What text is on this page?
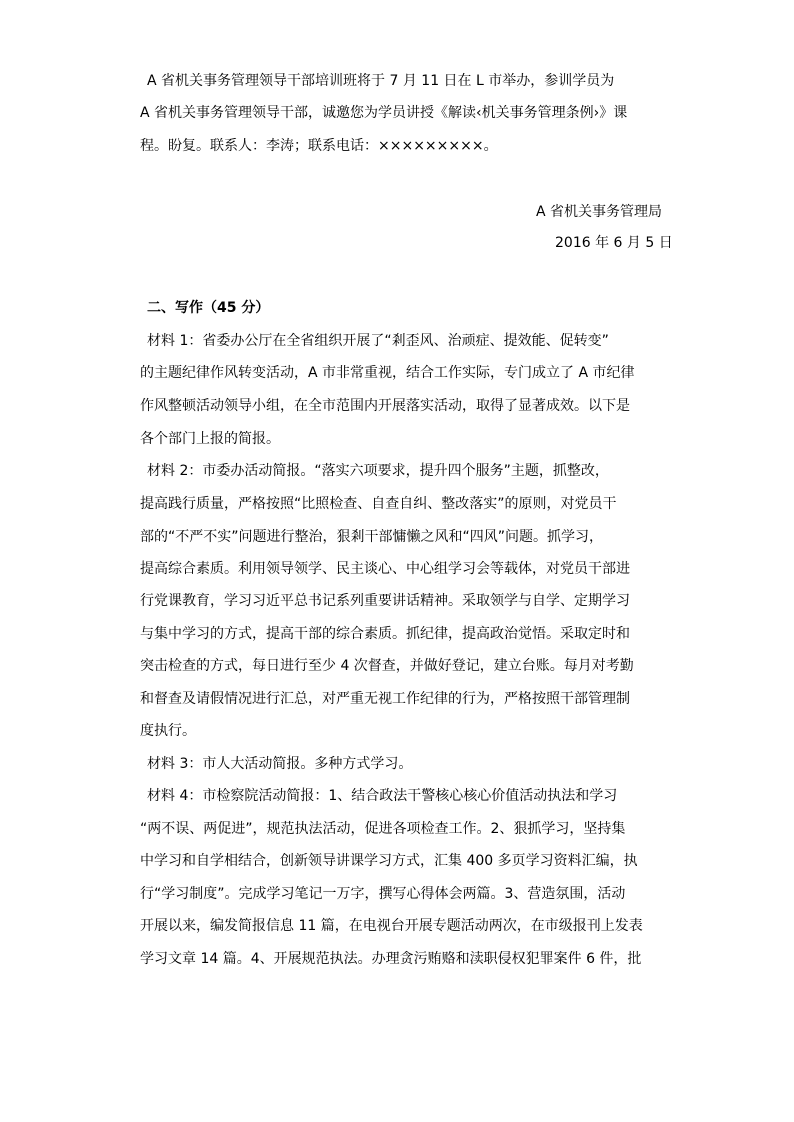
A 省机关事务管理领导干部培训班将于 7 月 11 日在 L 市举办，参训学员为
A 省机关事务管理领导干部，诚邀您为学员讲授《解读‹机关事务管理条例›》课
程。盼复。联系人：李涛；联系电话：×××××××××。
A 省机关事务管理局
2016 年 6 月 5 日
二、写作（45 分）
材料 1：省委办公厅在全省组织开展了“剎歪风、治顽症、提效能、促转变”
的主题纪律作风转变活动，A 市非常重视，结合工作实际，专门成立了 A 市纪律
作风整顿活动领导小组，在全市范围内开展落实活动，取得了显著成效。以下是
各个部门上报的简报。
材料 2：市委办活动简报。“落实六项要求，提升四个服务”主题，抓整改，
提高践行质量，严格按照“比照检查、自查自纠、整改落实”的原则，对党员干
部的“不严不实”问题进行整治，狠剎干部慵懒之风和“四风”问题。抓学习，
提高综合素质。利用领导领学、民主谈心、中心组学习会等载体，对党员干部进
行党课教育，学习习近平总书记系列重要讲话精神。采取领学与自学、定期学习
与集中学习的方式，提高干部的综合素质。抓纪律，提高政治觉悟。采取定时和
突击检查的方式，每日进行至少 4 次督查，并做好登记，建立台账。每月对考勤
和督查及请假情况进行汇总，对严重无视工作纪律的行为，严格按照干部管理制
度执行。
材料 3：市人大活动简报。多种方式学习。
材料 4：市检察院活动简报：1、结合政法干警核心核心价值活动执法和学习
“两不误、两促进”，规范执法活动，促进各项检查工作。2、狠抓学习，坚持集
中学习和自学相结合，创新领导讲课学习方式，汇集 400 多页学习资料汇编，执
行“学习制度”。完成学习笔记一万字，撰写心得体会两篇。3、营造氛围，活动
开展以来，编发简报信息 11 篇，在电视台开展专题活动两次，在市级报刊上发表
学习文章 14 篇。4、开展规范执法。办理贪污贿赂和渎职侵权犯罪案件 6 件，批
